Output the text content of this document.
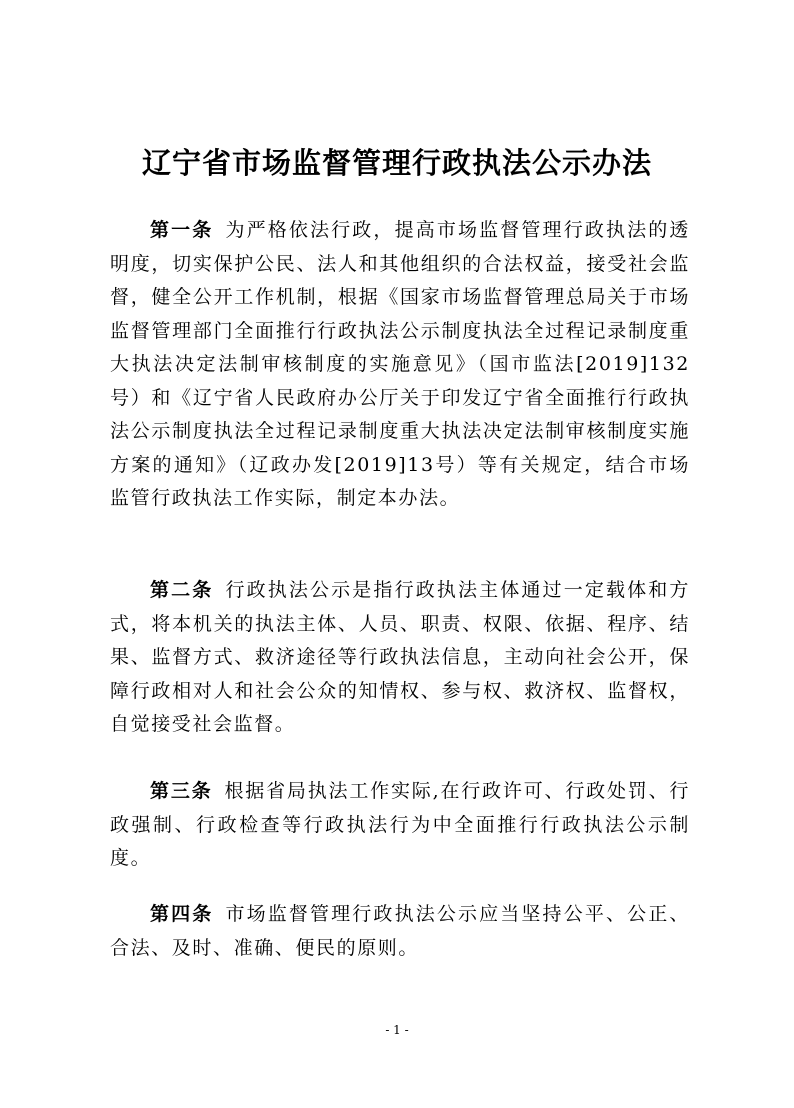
辽宁省市场监督管理行政执法公示办法

第一条 为严格依法行政，提高市场监督管理行政执法的透明度，切实保护公民、法人和其他组织的合法权益，接受社会监督，健全公开工作机制，根据《国家市场监督管理总局关于市场监督管理部门全面推行行政执法公示制度执法全过程记录制度重大执法决定法制审核制度的实施意见》（国市监法[2019]132号）和《辽宁省人民政府办公厅关于印发辽宁省全面推行行政执法公示制度执法全过程记录制度重大执法决定法制审核制度实施方案的通知》（辽政办发[2019]13号）等有关规定，结合市场监管行政执法工作实际，制定本办法。

第二条 行政执法公示是指行政执法主体通过一定载体和方式，将本机关的执法主体、人员、职责、权限、依据、程序、结果、监督方式、救济途径等行政执法信息，主动向社会公开，保障行政相对人和社会公众的知情权、参与权、救济权、监督权，自觉接受社会监督。

第三条 根据省局执法工作实际,在行政许可、行政处罚、行政强制、行政检查等行政执法行为中全面推行行政执法公示制度。

第四条 市场监督管理行政执法公示应当坚持公平、公正、合法、及时、准确、便民的原则。

- 1 -
